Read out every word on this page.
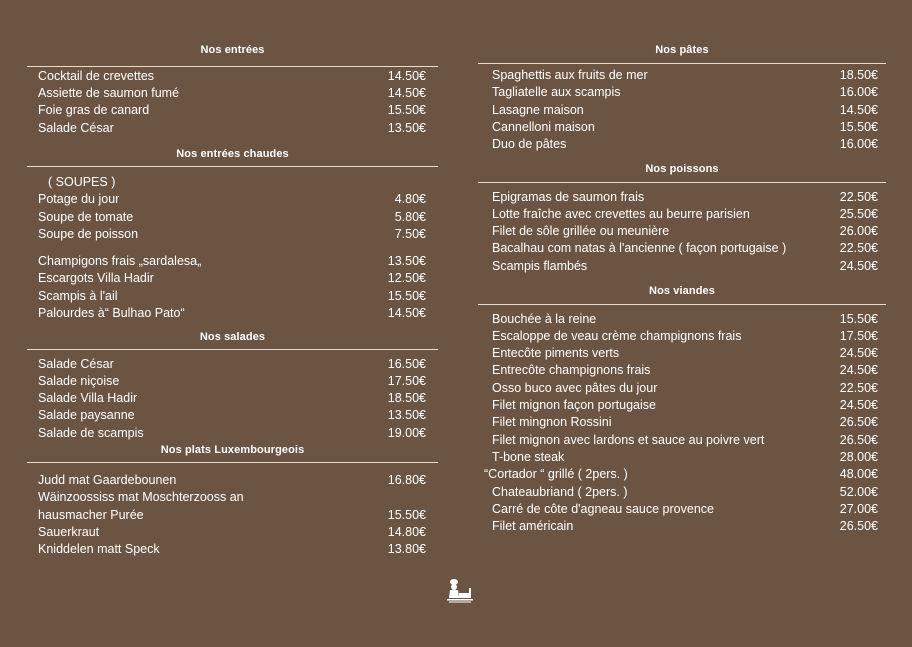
Nos entrées
Cocktail de crevettes	14.50€
Assiette de saumon fumé	14.50€
Foie gras de canard	15.50€
Salade César	13.50€
Nos entrées chaudes
( SOUPES )
Potage du jour	4.80€
Soupe de tomate	5.80€
Soupe de poisson	7.50€
Champigons frais „sardalesa„	13.50€
Escargots Villa Hadir	12.50€
Scampis à l'ail	15.50€
Palourdes à“ Bulhao Pato“	14.50€
Nos salades
Salade César	16.50€
Salade niçoise	17.50€
Salade Villa Hadir	18.50€
Salade paysanne	13.50€
Salade de scampis	19.00€
Nos plats Luxembourgeois
Judd mat Gaardebounen	16.80€
Wäinzoossiss mat Moschterzooss an
hausmacher Purée	15.50€
Sauerkraut	14.80€
Kniddelen matt Speck	13.80€
Nos pâtes
Spaghettis aux fruits de mer	18.50€
Tagliatelle aux scampis	16.00€
Lasagne maison	14.50€
Cannelloni maison	15.50€
Duo de pâtes	16.00€
Nos poissons
Epigramas de saumon frais	22.50€
Lotte fraîche avec crevettes au beurre parisien	25.50€
Filet de sôle grillée ou meunière	26.00€
Bacalhau com natas à l'ancienne ( façon portugaise )	22.50€
Scampis flambés	24.50€
Nos viandes
Bouchée à la reine	15.50€
Escaloppe de veau crème champignons frais	17.50€
Entecôte piments verts	24.50€
Entrecôte champignons frais	24.50€
Osso buco avec pâtes du jour	22.50€
Filet mignon façon portugaise	24.50€
Filet mingnon Rossini	26.50€
Filet mignon avec lardons et sauce au poivre vert	26.50€
T-bone steak	28.00€
“Cortador “ grillé ( 2pers. )	48.00€
Chateaubriand ( 2pers. )	52.00€
Carré de côte d'agneau sauce provence	27.00€
Filet américain	26.50€
